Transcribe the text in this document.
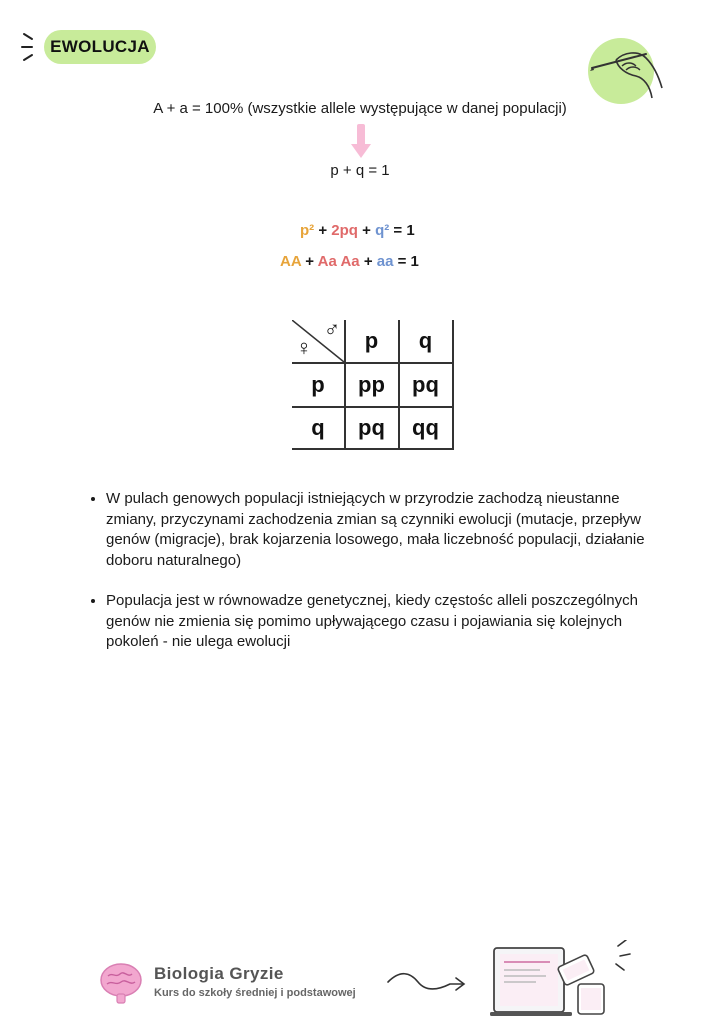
EWOLUCJA
A + a = 100% (wszystkie allele występujące w danej populacji)
p + q = 1
p² + 2pq + q² = 1
AA + Aa Aa + aa = 1
♂
♀	p	q
p	pp	pq
q	pq	qq
• W pulach genowych populacji istniejących w przyrodzie zachodzą nieustanne zmiany, przyczynami zachodzenia zmian są czynniki ewolucji (mutacje, przepływ genów (migracje), brak kojarzenia losowego, mała liczebność populacji, działanie doboru naturalnego)
• Populacja jest w równowadze genetycznej, kiedy częstośc alleli poszczególnych genów nie zmienia się pomimo upływającego czasu i pojawiania się kolejnych pokoleń - nie ulega ewolucji
Biologia Gryzie
Kurs do szkoły średniej i podstawowej
